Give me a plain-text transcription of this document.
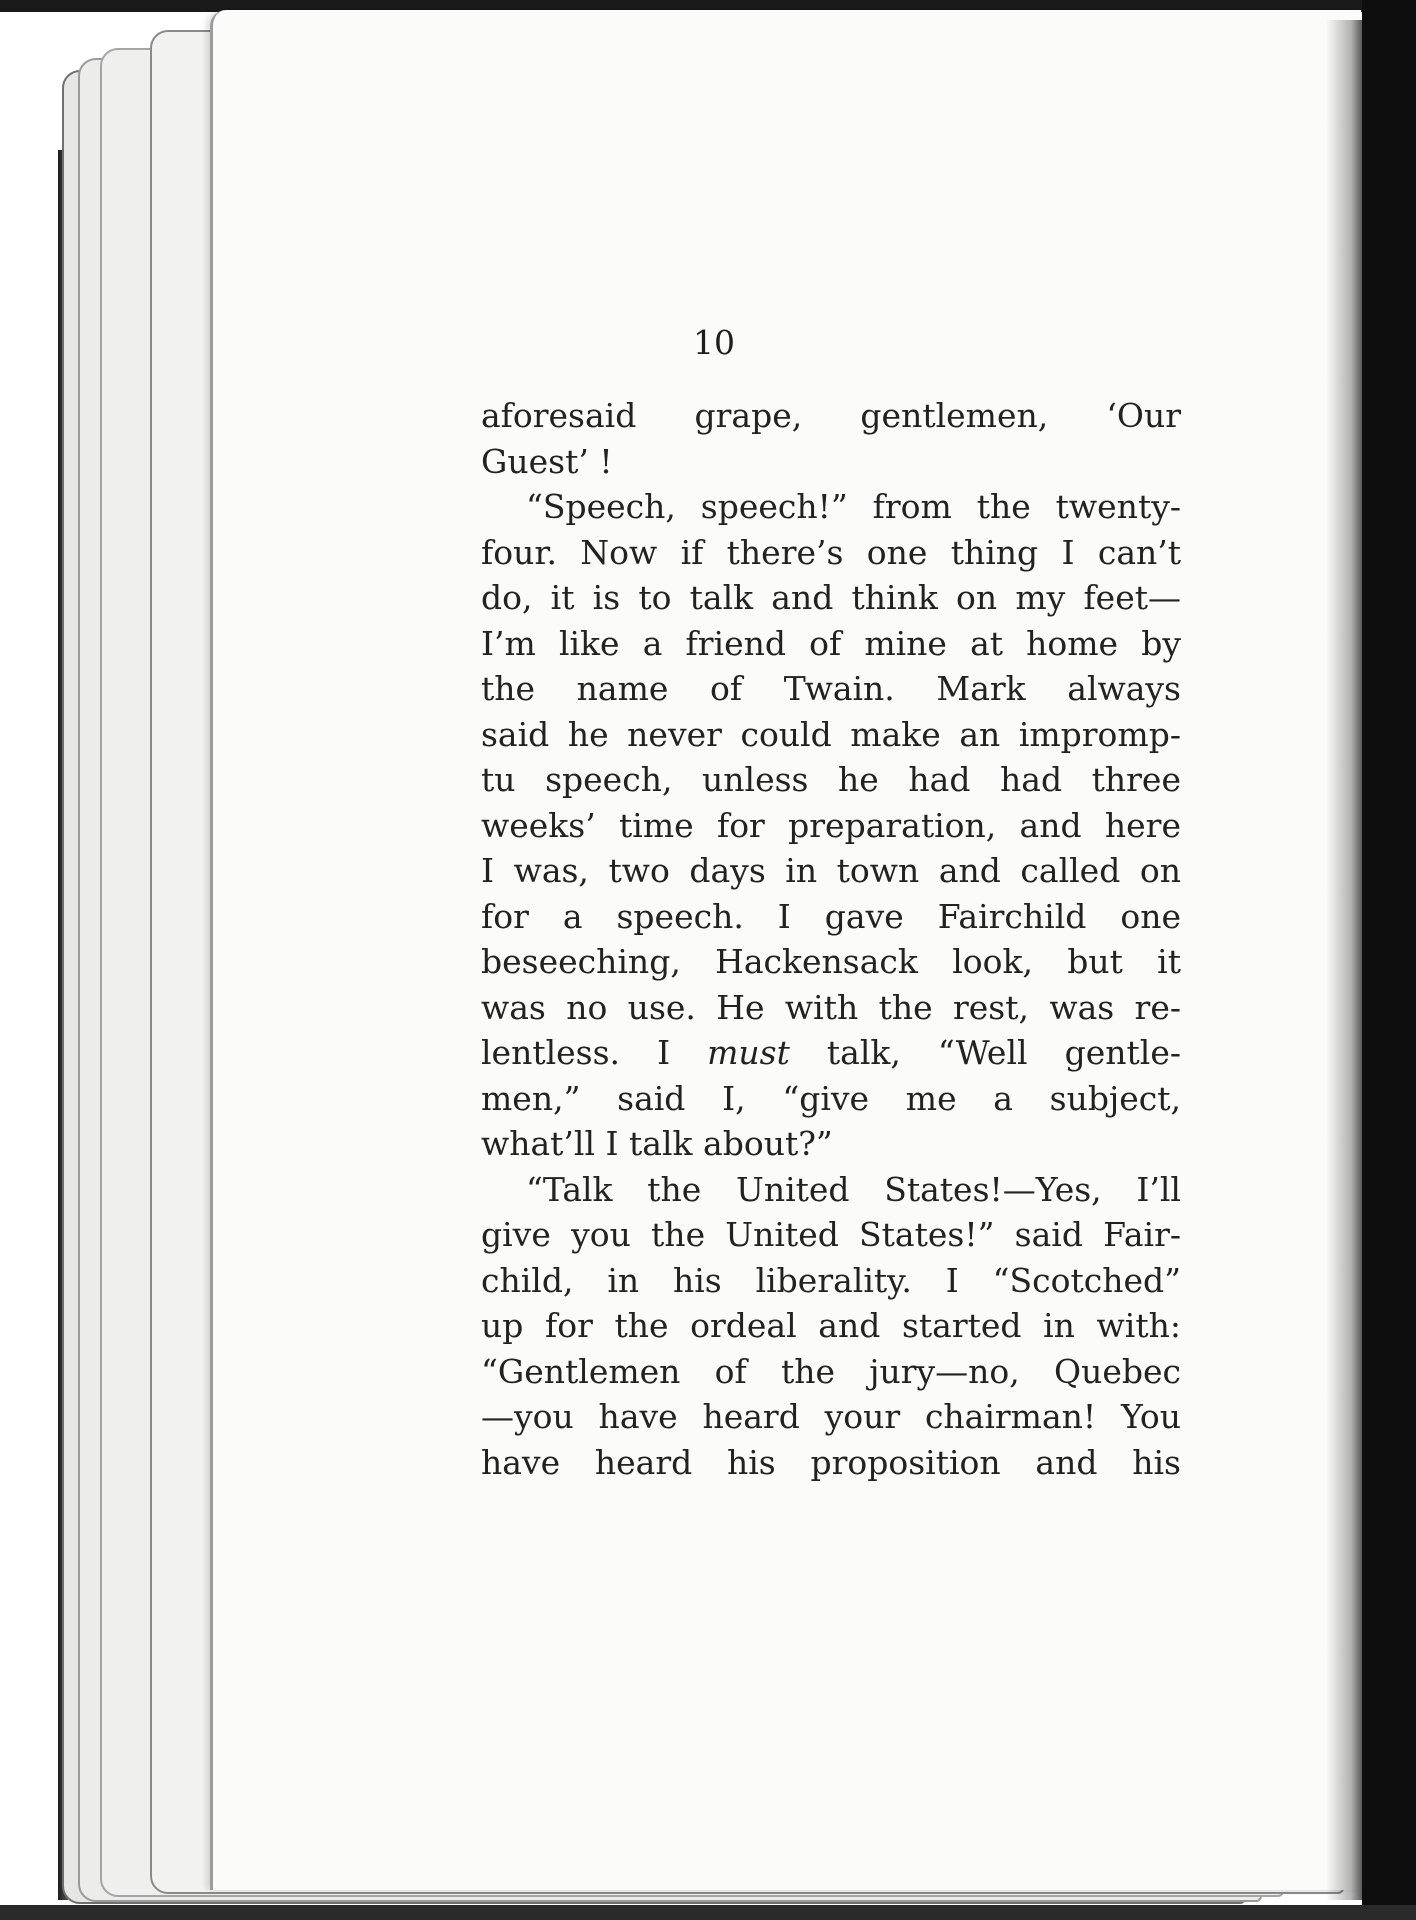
10
aforesaid grape, gentlemen, ‘Our
Guest’ !
“Speech, speech!” from the twenty-
four. Now if there’s one thing I can’t
do, it is to talk and think on my feet—
I’m like a friend of mine at home by
the name of Twain. Mark always
said he never could make an impromp-
tu speech, unless he had had three
weeks’ time for preparation, and here
I was, two days in town and called on
for a speech. I gave Fairchild one
beseeching, Hackensack look, but it
was no use. He with the rest, was re-
lentless. I must talk, “Well gentle-
men,” said I, “give me a subject,
what’ll I talk about?”
“Talk the United States!—Yes, I’ll
give you the United States!” said Fair-
child, in his liberality. I “Scotched”
up for the ordeal and started in with:
“Gentlemen of the jury—no, Quebec
—you have heard your chairman! You
have heard his proposition and his
